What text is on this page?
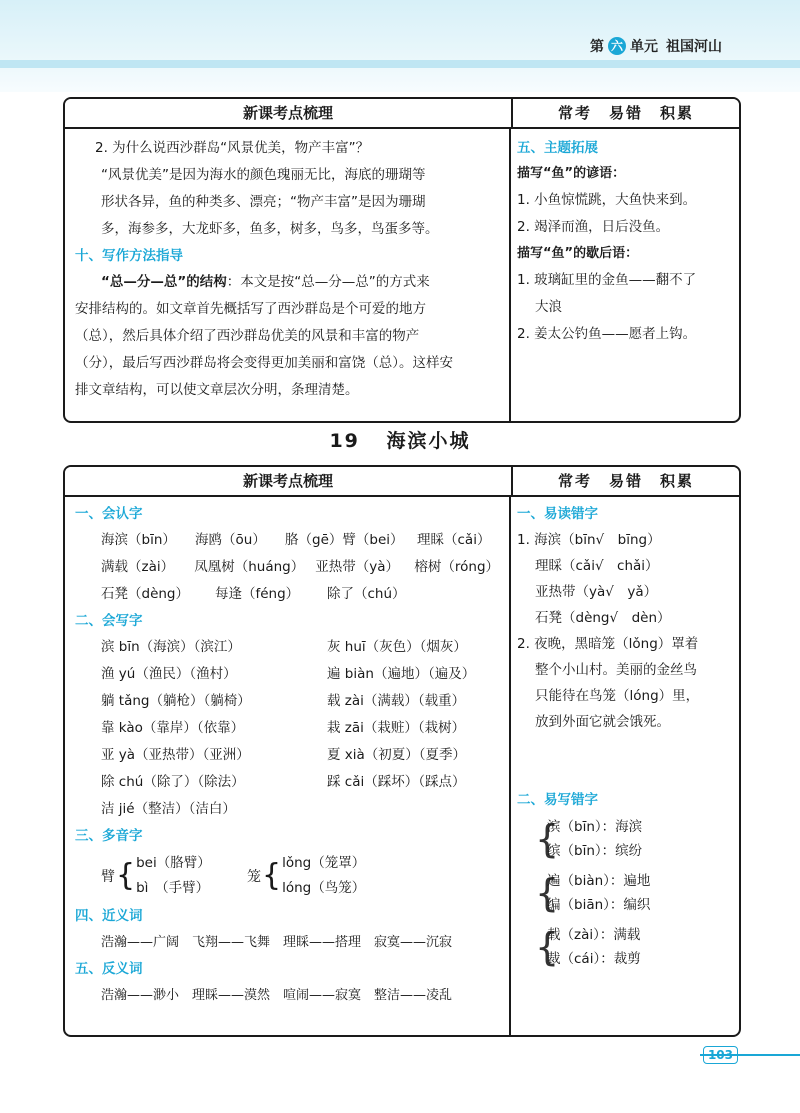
第 六 单元 祖国河山
新课考点梳理	常考　易错　积累
2. 为什么说西沙群岛“风景优美，物产丰富”？
“风景优美”是因为海水的颜色瑰丽无比，海底的珊瑚等
形状各异，鱼的种类多、漂亮；“物产丰富”是因为珊瑚
多，海参多，大龙虾多，鱼多，树多，鸟多，鸟蛋多等。
十、写作方法指导
“总—分—总”的结构：本文是按“总—分—总”的方式来
安排结构的。如文章首先概括写了西沙群岛是个可爱的地方
（总），然后具体介绍了西沙群岛优美的风景和丰富的物产
（分），最后写西沙群岛将会变得更加美丽和富饶（总）。这样安
排文章结构，可以使文章层次分明，条理清楚。
五、主题拓展
描写“鱼”的谚语：
1. 小鱼惊慌跳，大鱼快来到。
2. 竭泽而渔，日后没鱼。
描写“鱼”的歇后语：
1. 玻璃缸里的金鱼——翻不了
大浪
2. 姜太公钓鱼——愿者上钩。
19 海滨小城
新课考点梳理	常考　易错　积累
一、会认字
海滨（bīn）	海鸥（ōu）	胳（gē）臂（bei） 理睬（cǎi）
满载（zài）	凤凰树（huáng） 亚热带（yà）	榕树（róng）
石凳（dèng）	每逢（féng）	除了（chú）
二、会写字
滨 bīn（海滨）（滨江）	灰 huī（灰色）（烟灰）
渔 yú（渔民）（渔村）	遍 biàn（遍地）（遍及）
躺 tǎng（躺枪）（躺椅）	载 zài（满载）（载重）
靠 kào（靠岸）（依靠）	栽 zāi（栽赃）（栽树）
亚 yà（亚热带）（亚洲）	夏 xià（初夏）（夏季）
除 chú（除了）（除法）	踩 cǎi（踩坏）（踩点）
洁 jié（整洁）（洁白）
三、多音字
臂 { bei（胳臂）
bì　（手臂）
笼 { lǒng（笼罩）
lóng（鸟笼）
四、近义词
浩瀚——广阔　飞翔——飞舞　理睬——搭理　寂寞——沉寂
五、反义词
浩瀚——渺小　理睬——漠然　喧闹——寂寞　整洁——凌乱
一、易读错字
1. 海滨（bīn√　bīng）
理睬（cǎi√　chǎi）
亚热带（yà√　yǎ）
石凳（dèng√　dèn）
2. 夜晚，黑暗笼（lǒng）罩着
整个小山村。美丽的金丝鸟
只能待在鸟笼（lóng）里，
放到外面它就会饿死。
二、易写错字
{
滨（bīn）：海滨
缤（bīn）：缤纷
{
遍（biàn）：遍地
编（biān）：编织
{
载（zài）：满载
裁（cái）：裁剪
103
